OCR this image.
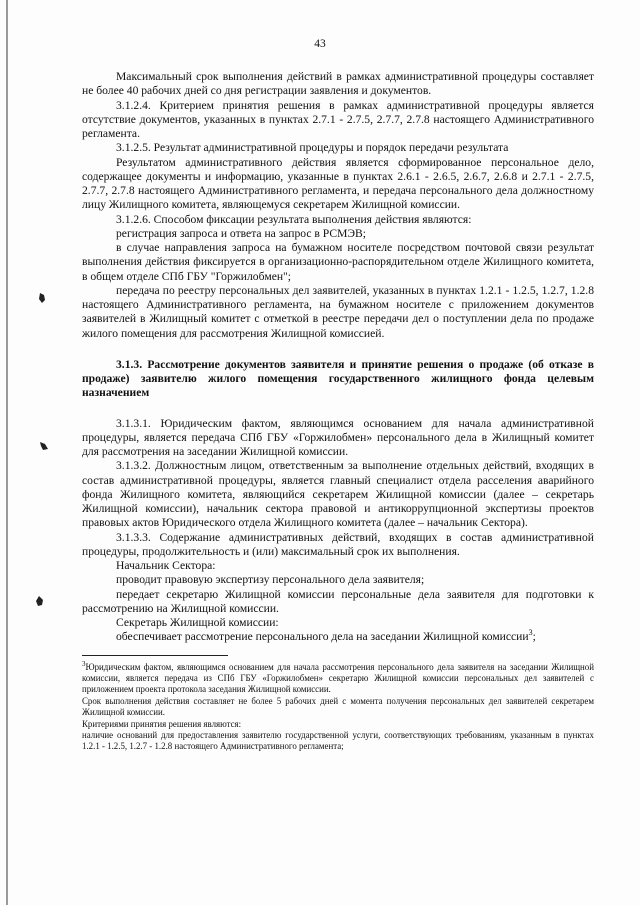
43

Максимальный срок выполнения действий в рамках административной процедуры составляет не более 40 рабочих дней со дня регистрации заявления и документов.

3.1.2.4. Критерием принятия решения в рамках административной процедуры является отсутствие документов, указанных в пунктах 2.7.1 - 2.7.5, 2.7.7, 2.7.8 настоящего Административного регламента.

3.1.2.5. Результат административной процедуры и порядок передачи результата

Результатом административного действия является сформированное персональное дело, содержащее документы и информацию, указанные в пунктах 2.6.1 - 2.6.5, 2.6.7, 2.6.8 и 2.7.1 - 2.7.5, 2.7.7, 2.7.8 настоящего Административного регламента, и передача персонального дела должностному лицу Жилищного комитета, являющемуся секретарем Жилищной комиссии.

3.1.2.6. Способом фиксации результата выполнения действия являются:

регистрация запроса и ответа на запрос в РСМЭВ;

в случае направления запроса на бумажном носителе посредством почтовой связи результат выполнения действия фиксируется в организационно-распорядительном отделе Жилищного комитета, в общем отделе СПб ГБУ "Горжилобмен";

передача по реестру персональных дел заявителей, указанных в пунктах 1.2.1 - 1.2.5, 1.2.7, 1.2.8 настоящего Административного регламента, на бумажном носителе с приложением документов заявителей в Жилищный комитет с отметкой в реестре передачи дел о поступлении дела по продаже жилого помещения для рассмотрения Жилищной комиссией.

3.1.3. Рассмотрение документов заявителя и принятие решения о продаже (об отказе в продаже) заявителю жилого помещения государственного жилищного фонда целевым назначением

3.1.3.1. Юридическим фактом, являющимся основанием для начала административной процедуры, является передача СПб ГБУ «Горжилобмен» персонального дела в Жилищный комитет для рассмотрения на заседании Жилищной комиссии.

3.1.3.2. Должностным лицом, ответственным за выполнение отдельных действий, входящих в состав административной процедуры, является главный специалист отдела расселения аварийного фонда Жилищного комитета, являющийся секретарем Жилищной комиссии (далее – секретарь Жилищной комиссии), начальник сектора правовой и антикоррупционной экспертизы проектов правовых актов Юридического отдела Жилищного комитета (далее – начальник Сектора).

3.1.3.3. Содержание административных действий, входящих в состав административной процедуры, продолжительность и (или) максимальный срок их выполнения.

Начальник Сектора:

проводит правовую экспертизу персонального дела заявителя;

передает секретарю Жилищной комиссии персональные дела заявителя для подготовки к рассмотрению на Жилищной комиссии.

Секретарь Жилищной комиссии:

обеспечивает рассмотрение персонального дела на заседании Жилищной комиссии$^3$;

$^3$Юридическим фактом, являющимся основанием для начала рассмотрения персонального дела заявителя на заседании Жилищной комиссии, является передача из СПб ГБУ «Горжилобмен» секретарю Жилищной комиссии персональных дел заявителей с приложением проекта протокола заседания Жилищной комиссии.

Срок выполнения действия составляет не более 5 рабочих дней с момента получения персональных дел заявителей секретарем Жилищной комиссии.

Критериями принятия решения являются:

наличие оснований для предоставления заявителю государственной услуги, соответствующих требованиям, указанным в пунктах 1.2.1 - 1.2.5, 1.2.7 - 1.2.8 настоящего Административного регламента;
